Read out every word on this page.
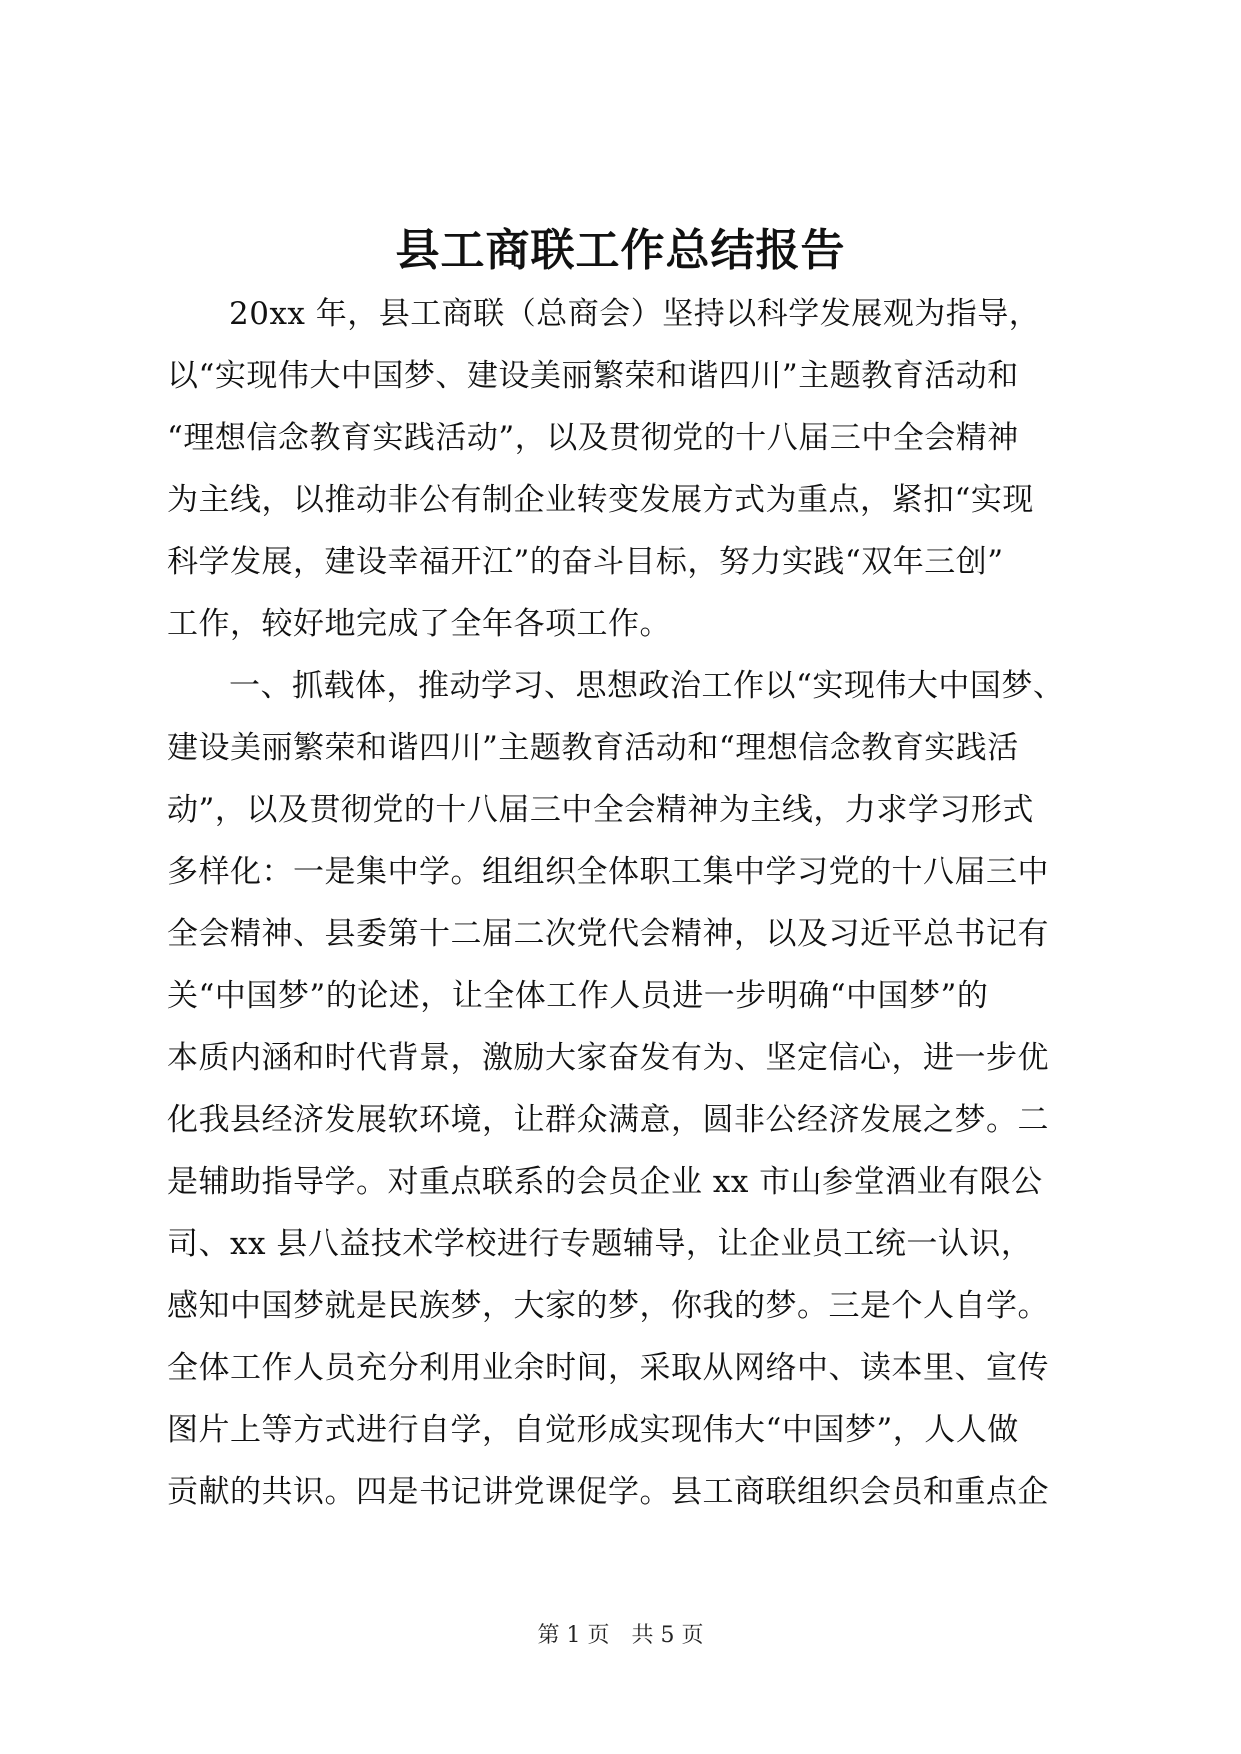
县工商联工作总结报告

20xx 年，县工商联（总商会）坚持以科学发展观为指导，

以“实现伟大中国梦、建设美丽繁荣和谐四川”主题教育活动和

“理想信念教育实践活动”，以及贯彻党的十八届三中全会精神

为主线，以推动非公有制企业转变发展方式为重点，紧扣“实现

科学发展，建设幸福开江”的奋斗目标，努力实践“双年三创”

工作，较好地完成了全年各项工作。

一、抓载体，推动学习、思想政治工作以“实现伟大中国梦、

建设美丽繁荣和谐四川”主题教育活动和“理想信念教育实践活

动”，以及贯彻党的十八届三中全会精神为主线，力求学习形式

多样化：一是集中学。组组织全体职工集中学习党的十八届三中

全会精神、县委第十二届二次党代会精神，以及习近平总书记有

关“中国梦”的论述，让全体工作人员进一步明确“中国梦”的

本质内涵和时代背景，激励大家奋发有为、坚定信心，进一步优

化我县经济发展软环境，让群众满意，圆非公经济发展之梦。二

是辅助指导学。对重点联系的会员企业 xx 市山参堂酒业有限公

司、xx 县八益技术学校进行专题辅导，让企业员工统一认识，

感知中国梦就是民族梦，大家的梦，你我的梦。三是个人自学。

全体工作人员充分利用业余时间，采取从网络中、读本里、宣传

图片上等方式进行自学，自觉形成实现伟大“中国梦”，人人做

贡献的共识。四是书记讲党课促学。县工商联组织会员和重点企

第 1 页 共 5 页
